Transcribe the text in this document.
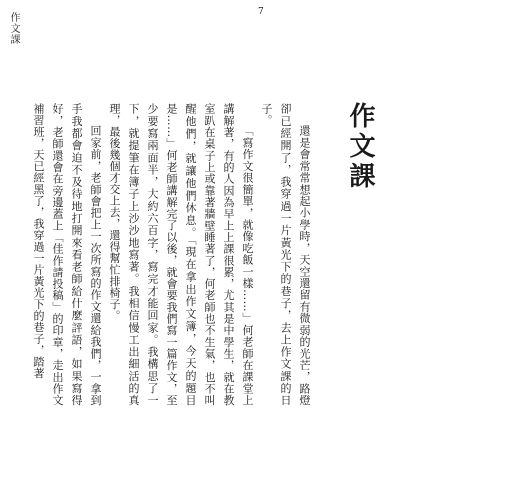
作文課	7
作文課

還是會常常想起小學時，天空還留有微弱的光芒，路燈卻已經開了，我穿過一片黃光下的巷子，去上作文課的日子。

「寫作文很簡單，就像吃飯一樣……」何老師在課堂上講解著，有的人因為早上上課很累，尤其是中學生，就在教室趴在桌子上或靠著牆壁睡著了，何老師也不生氣，也不叫醒他們，就讓他們休息。「現在拿出作文簿，今天的題目是……」何老師講解完了以後，就會要我們寫一篇作文，至少要寫兩面半，大約六百字，寫完才能回家。我構思了一下，就提筆在簿子上沙沙地寫著。我相信慢工出細活的真理，最後幾個才交上去，還得幫忙排椅子。

回家前，老師會把上一次所寫的作文還給我們，一拿到手我都會迫不及待地打開來看老師給什麼評語，如果寫得好，老師還會在旁邊蓋上「佳作請投稿」的印章，走出作文補習班，天已經黑了，我穿過一片黃光下的巷子，踏著
